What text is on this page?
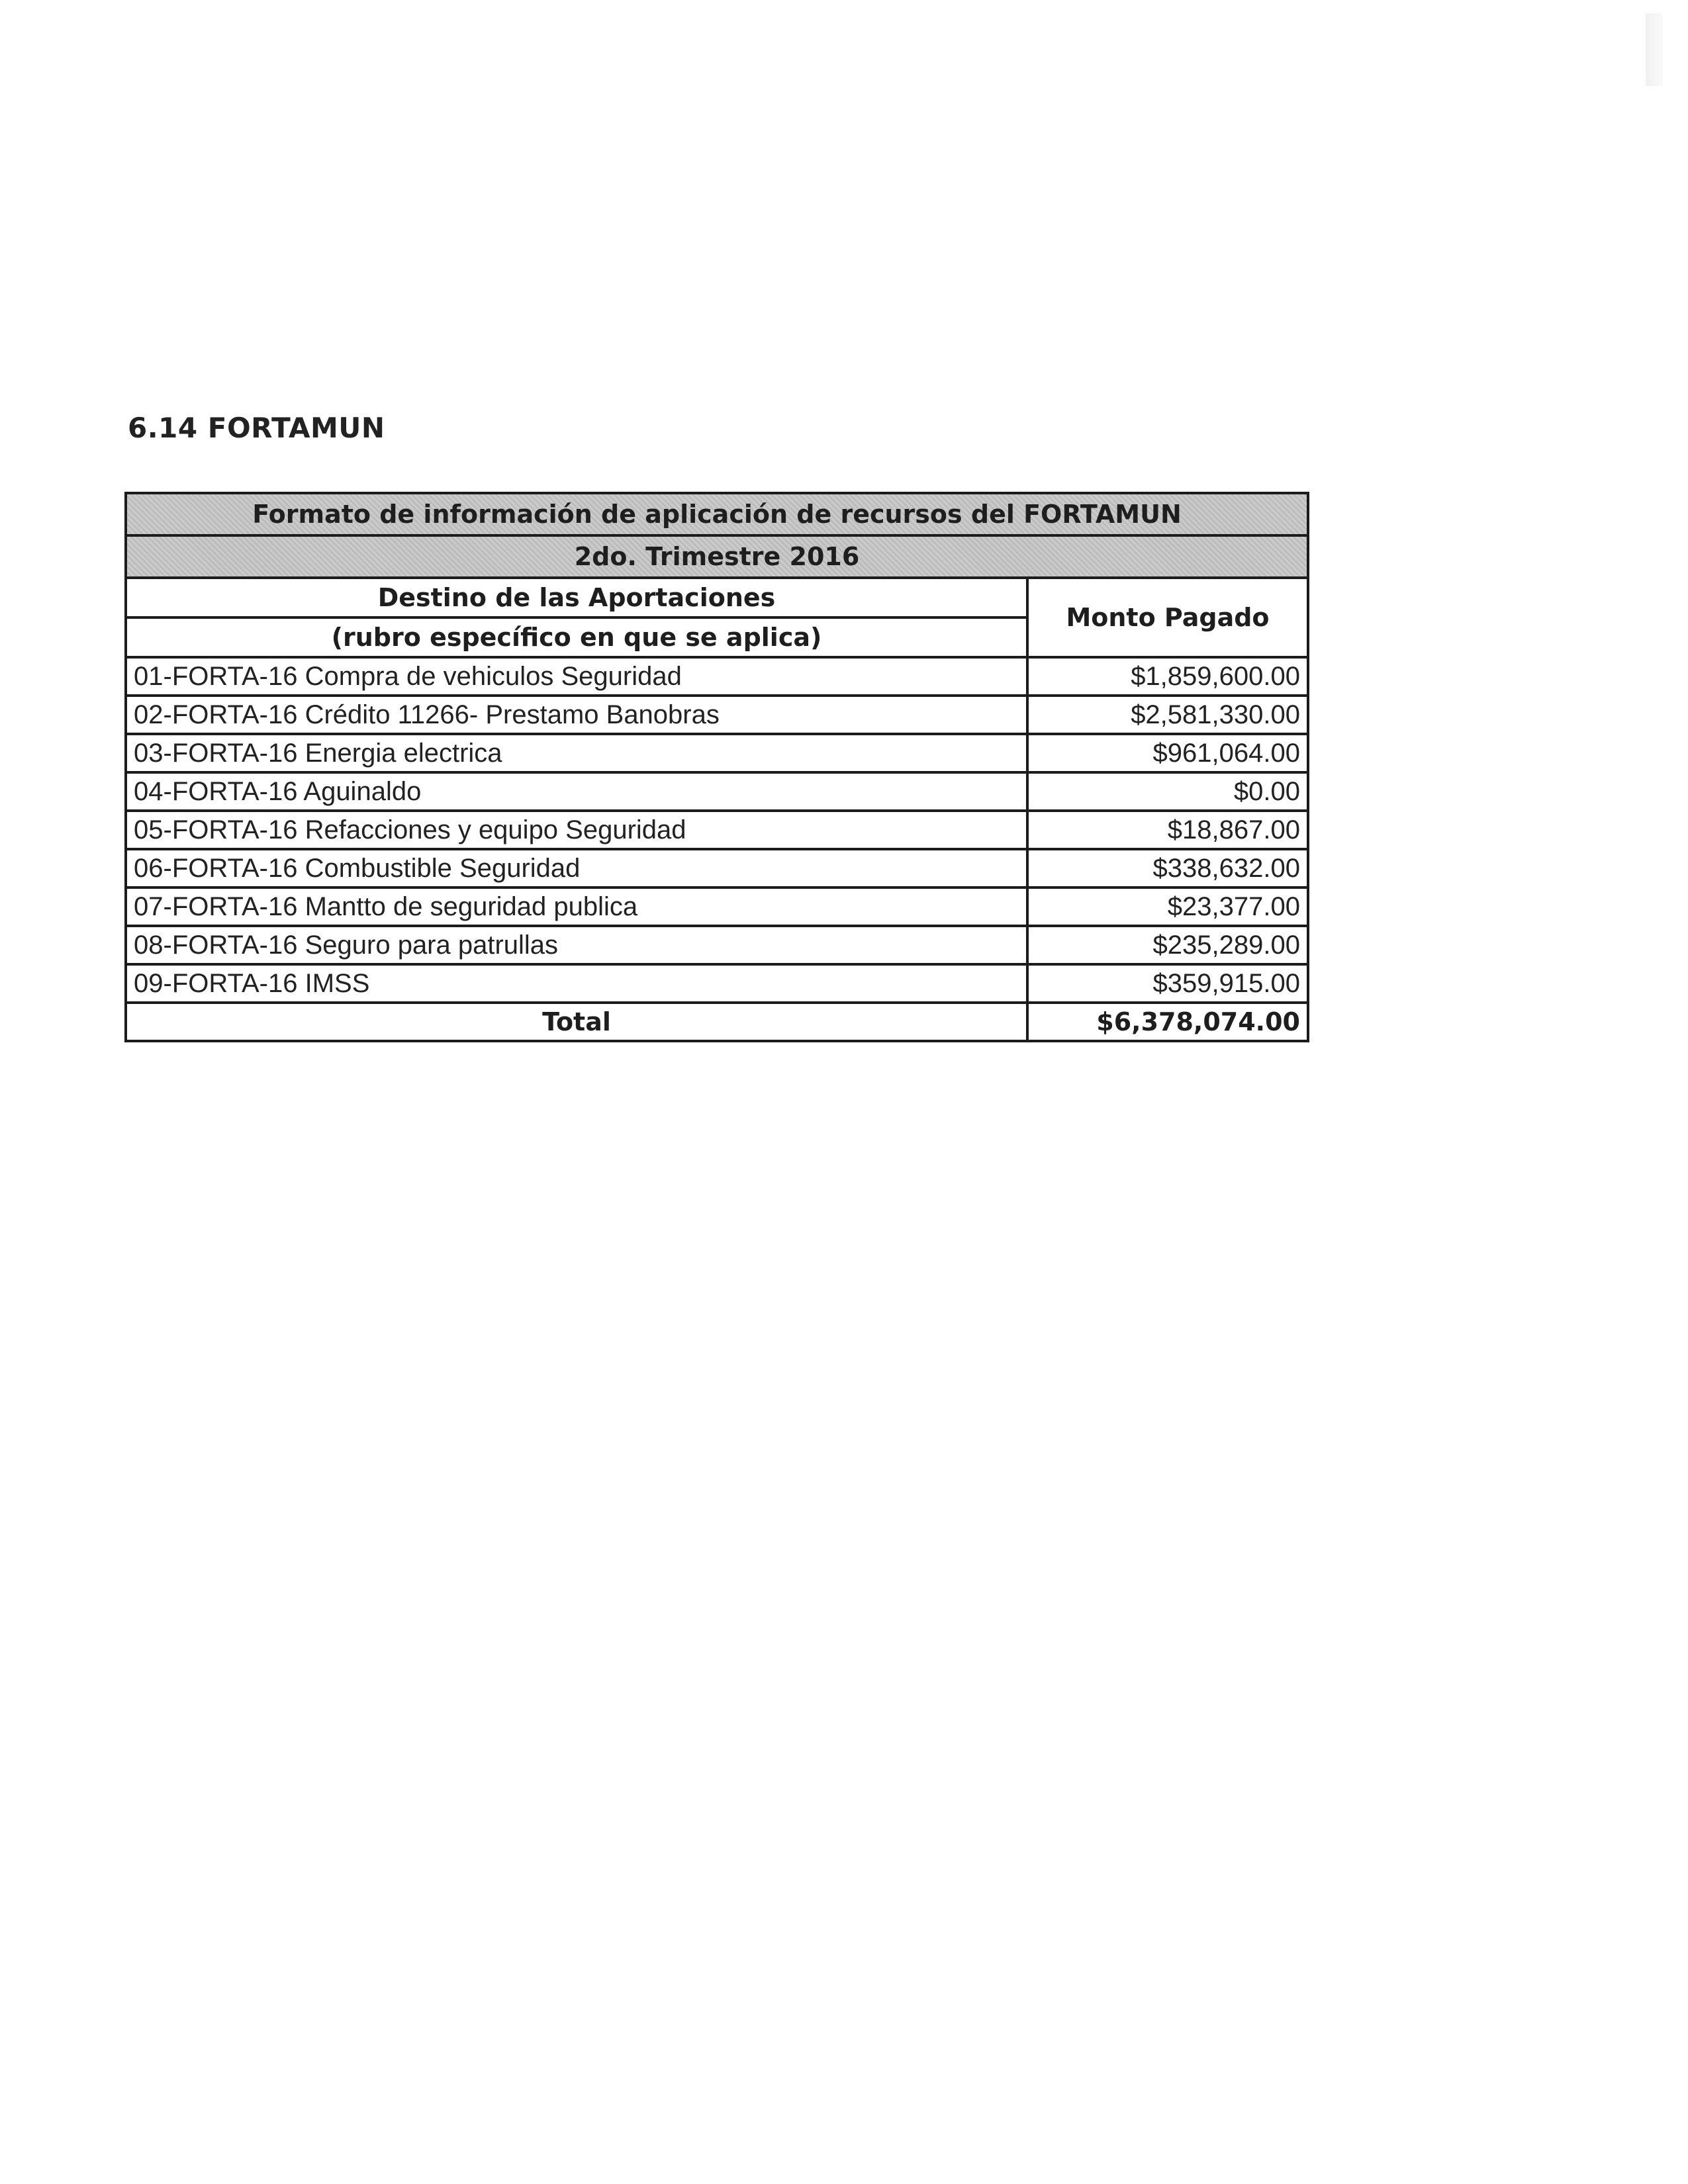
6.14 FORTAMUN
Formato de información de aplicación de recursos del FORTAMUN	
2do. Trimestre 2016	
Destino de las Aportaciones	Monto Pagado
(rubro específico en que se aplica)	
01-FORTA-16 Compra de vehiculos Seguridad	$1,859,600.00
02-FORTA-16 Crédito 11266- Prestamo Banobras	$2,581,330.00
03-FORTA-16 Energia electrica	$961,064.00
04-FORTA-16 Aguinaldo	$0.00
05-FORTA-16 Refacciones y equipo Seguridad	$18,867.00
06-FORTA-16 Combustible Seguridad	$338,632.00
07-FORTA-16 Mantto de seguridad publica	$23,377.00
08-FORTA-16 Seguro para patrullas	$235,289.00
09-FORTA-16 IMSS	$359,915.00
Total	$6,378,074.00
